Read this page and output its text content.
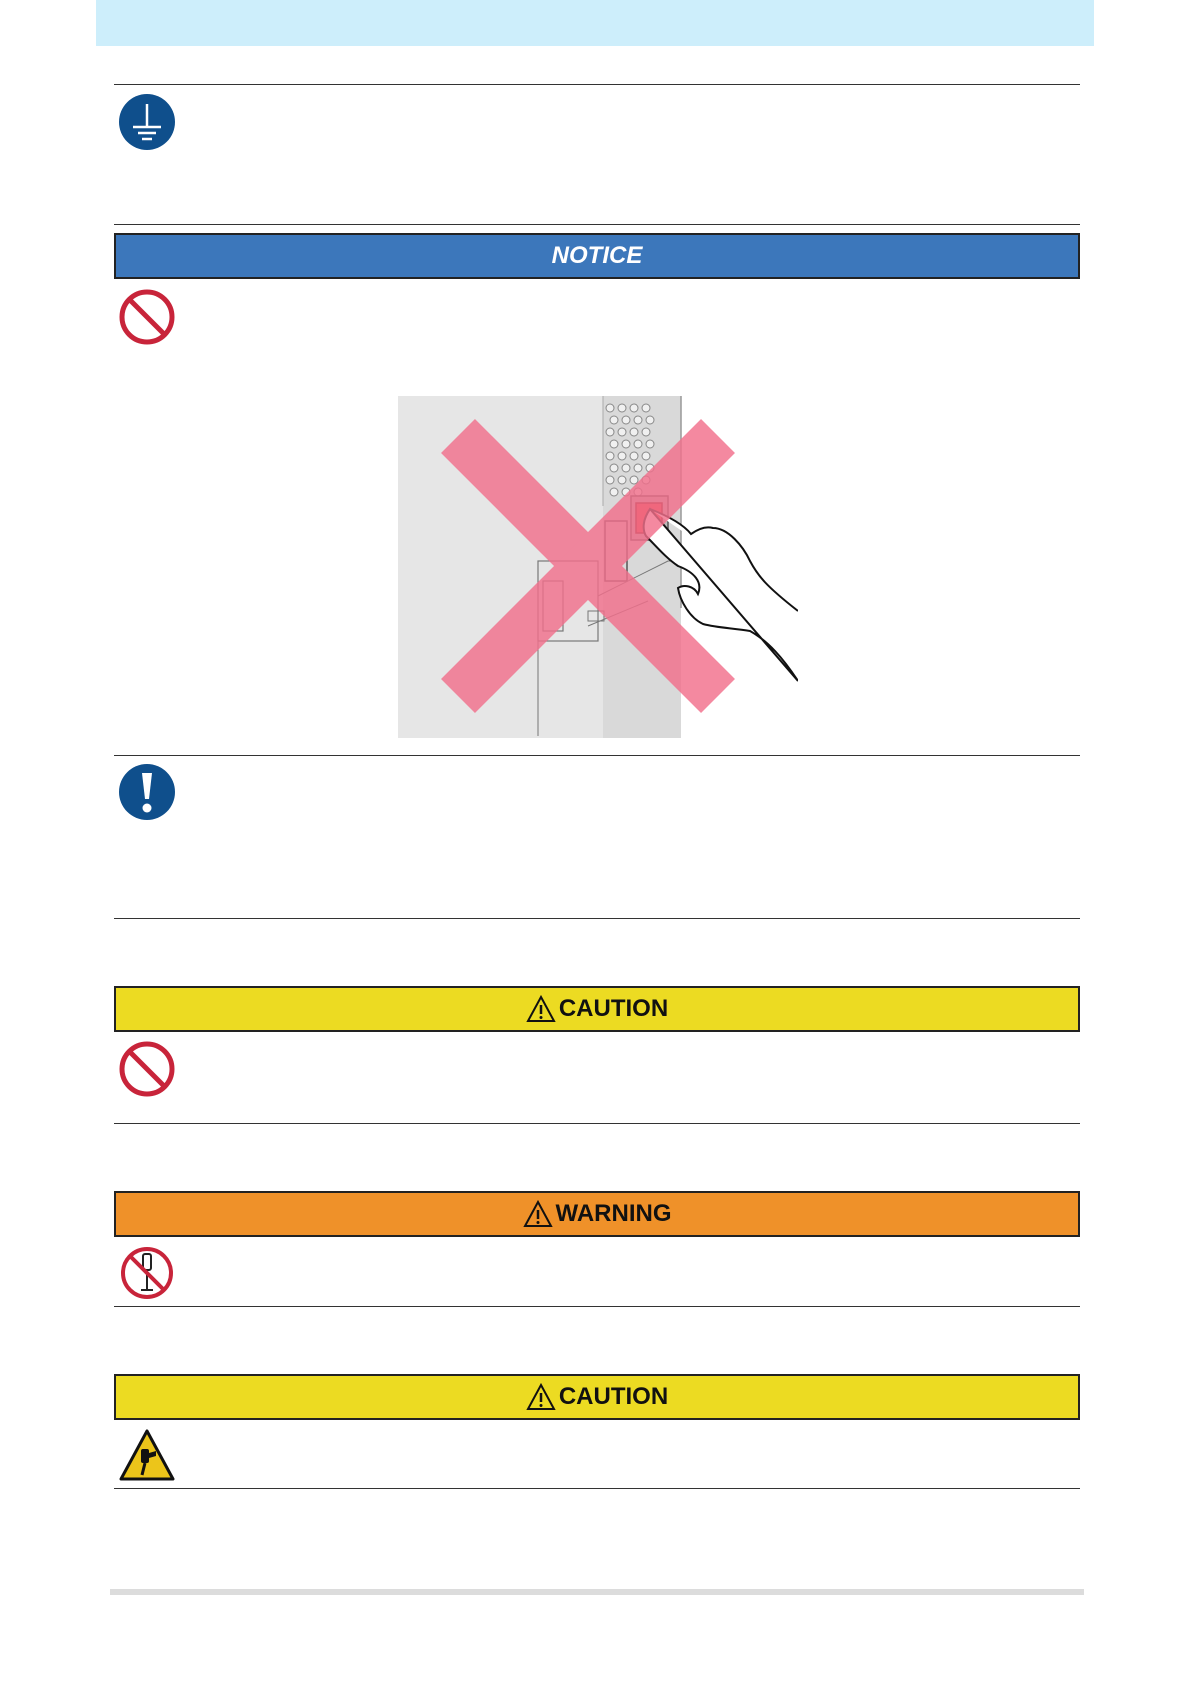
NOTICE
CAUTION
WARNING
CAUTION
